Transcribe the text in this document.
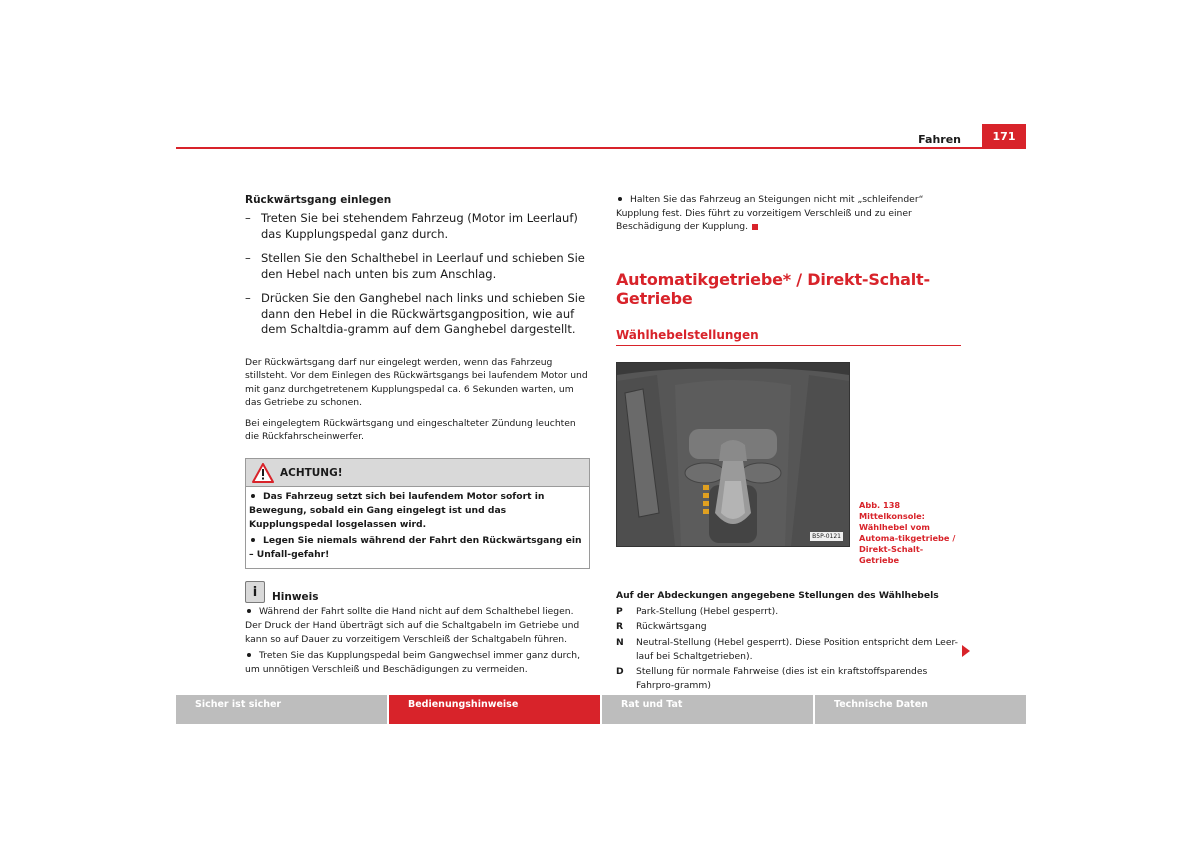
Fahren	171
Rückwärtsgang einlegen
– Treten Sie bei stehendem Fahrzeug (Motor im Leerlauf) das Kupplungspedal ganz durch.
– Stellen Sie den Schalthebel in Leerlauf und schieben Sie den Hebel nach unten bis zum Anschlag.
– Drücken Sie den Ganghebel nach links und schieben Sie dann den Hebel in die Rückwärtsgangposition, wie auf dem Schaltdia-gramm auf dem Ganghebel dargestellt.

Der Rückwärtsgang darf nur eingelegt werden, wenn das Fahrzeug stillsteht. Vor dem Einlegen des Rückwärtsgangs bei laufendem Motor und mit ganz durchgetretenem Kupplungspedal ca. 6 Sekunden warten, um das Getriebe zu schonen.

Bei eingelegtem Rückwärtsgang und eingeschalteter Zündung leuchten die Rückfahrscheinwerfer.

ACHTUNG!
Das Fahrzeug setzt sich bei laufendem Motor sofort in Bewegung, sobald ein Gang eingelegt ist und das Kupplungspedal losgelassen wird.
Legen Sie niemals während der Fahrt den Rückwärtsgang ein – Unfall-gefahr!
i	Hinweis
Während der Fahrt sollte die Hand nicht auf dem Schalthebel liegen. Der Druck der Hand überträgt sich auf die Schaltgabeln im Getriebe und kann so auf Dauer zu vorzeitigem Verschleiß der Schaltgabeln führen.
Treten Sie das Kupplungspedal beim Gangwechsel immer ganz durch, um unnötigen Verschleiß und Beschädigungen zu vermeiden.

Halten Sie das Fahrzeug an Steigungen nicht mit „schleifender“ Kupplung fest. Dies führt zu vorzeitigem Verschleiß und zu einer Beschädigung der Kupplung.

Automatikgetriebe* / Direkt-Schalt-Getriebe
Wählhebelstellungen
B5P-0121
Abb. 138 Mittelkonsole: Wählhebel vom Automa-tikgetriebe / Direkt-Schalt-Getriebe
Auf der Abdeckungen angegebene Stellungen des Wählhebels
P	Park-Stellung (Hebel gesperrt).
R	Rückwärtsgang
N	Neutral-Stellung (Hebel gesperrt). Diese Position entspricht dem Leer-lauf bei Schaltgetrieben).
D	Stellung für normale Fahrweise (dies ist ein kraftstoffsparendes Fahrpro-gramm)
Sicher ist sicher	Bedienungshinweise	Rat und Tat	Technische Daten
